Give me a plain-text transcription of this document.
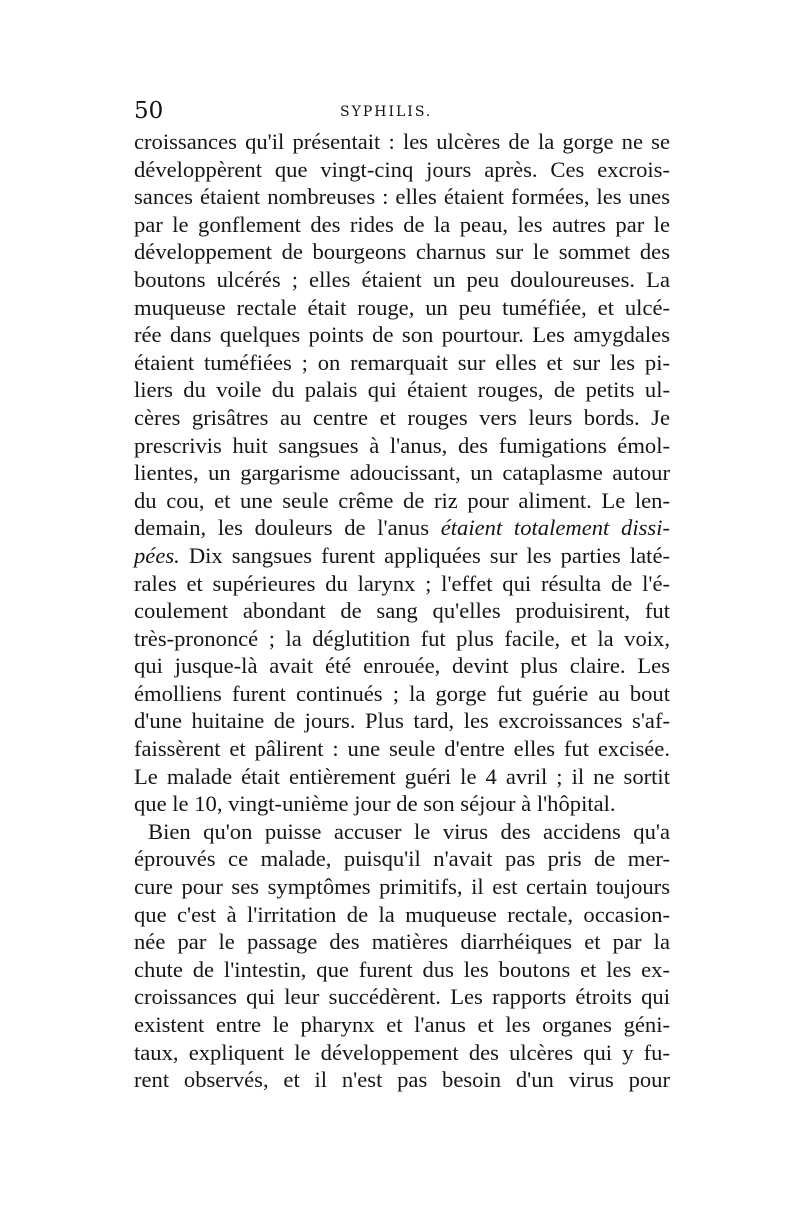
50	SYPHILIS.
croissances qu'il présentait : les ulcères de la gorge ne se
développèrent que vingt-cinq jours après. Ces excrois-
sances étaient nombreuses : elles étaient formées, les unes
par le gonflement des rides de la peau, les autres par le
développement de bourgeons charnus sur le sommet des
boutons ulcérés ; elles étaient un peu douloureuses. La
muqueuse rectale était rouge, un peu tuméfiée, et ulcé-
rée dans quelques points de son pourtour. Les amygdales
étaient tuméfiées ; on remarquait sur elles et sur les pi-
liers du voile du palais qui étaient rouges, de petits ul-
cères grisâtres au centre et rouges vers leurs bords. Je
prescrivis huit sangsues à l'anus, des fumigations émol-
lientes, un gargarisme adoucissant, un cataplasme autour
du cou, et une seule crême de riz pour aliment. Le len-
demain, les douleurs de l'anus étaient totalement dissi-
pées. Dix sangsues furent appliquées sur les parties laté-
rales et supérieures du larynx ; l'effet qui résulta de l'é-
coulement abondant de sang qu'elles produisirent, fut
très-prononcé ; la déglutition fut plus facile, et la voix,
qui jusque-là avait été enrouée, devint plus claire. Les
émolliens furent continués ; la gorge fut guérie au bout
d'une huitaine de jours. Plus tard, les excroissances s'af-
faissèrent et pâlirent : une seule d'entre elles fut excisée.
Le malade était entièrement guéri le 4 avril ; il ne sortit
que le 10, vingt-unième jour de son séjour à l'hôpital.
Bien qu'on puisse accuser le virus des accidens qu'a
éprouvés ce malade, puisqu'il n'avait pas pris de mer-
cure pour ses symptômes primitifs, il est certain toujours
que c'est à l'irritation de la muqueuse rectale, occasion-
née par le passage des matières diarrhéiques et par la
chute de l'intestin, que furent dus les boutons et les ex-
croissances qui leur succédèrent. Les rapports étroits qui
existent entre le pharynx et l'anus et les organes géni-
taux, expliquent le développement des ulcères qui y fu-
rent observés, et il n'est pas besoin d'un virus pour
